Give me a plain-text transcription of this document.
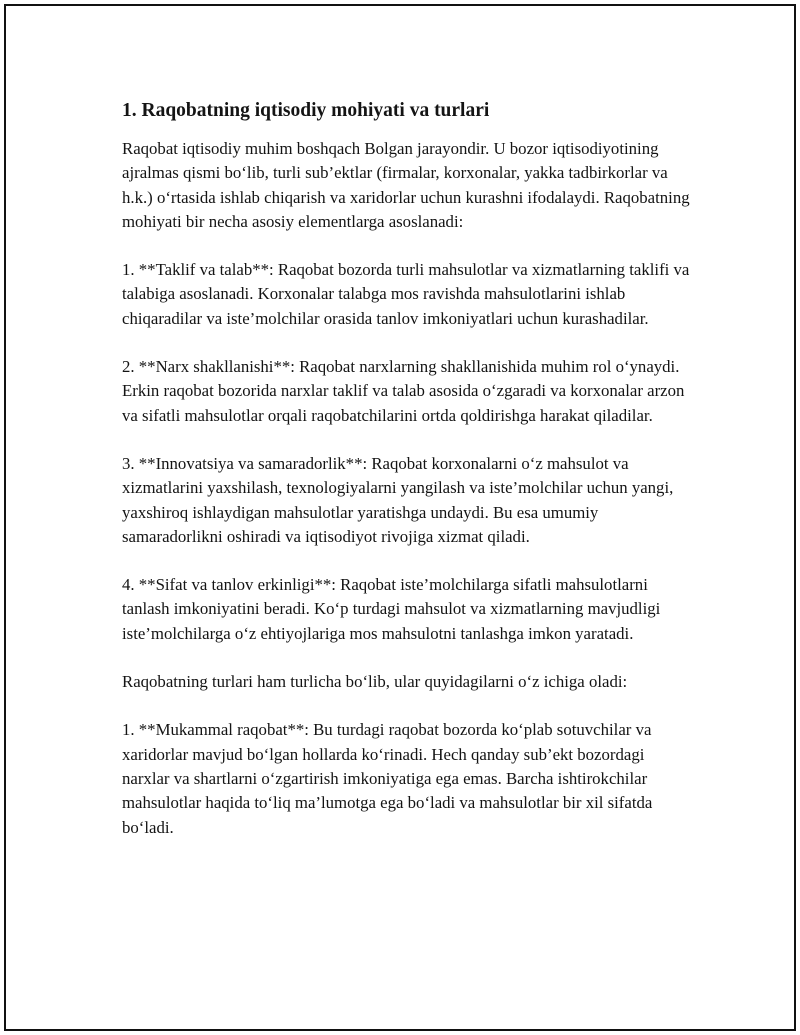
1. Raqobatning iqtisodiy mohiyati va turlari

Raqobat iqtisodiy muhim boshqach Bolgan jarayondir. U bozor iqtisodiyotining ajralmas qismi bo‘lib, turli sub’ektlar (firmalar, korxonalar, yakka tadbirkorlar va h.k.) o‘rtasida ishlab chiqarish va xaridorlar uchun kurashni ifodalaydi. Raqobatning mohiyati bir necha asosiy elementlarga asoslanadi:

1. **Taklif va talab**: Raqobat bozorda turli mahsulotlar va xizmatlarning taklifi va talabiga asoslanadi. Korxonalar talabga mos ravishda mahsulotlarini ishlab chiqaradilar va iste’molchilar orasida tanlov imkoniyatlari uchun kurashadilar.

2. **Narx shakllanishi**: Raqobat narxlarning shakllanishida muhim rol o‘ynaydi. Erkin raqobat bozorida narxlar taklif va talab asosida o‘zgaradi va korxonalar arzon va sifatli mahsulotlar orqali raqobatchilarini ortda qoldirishga harakat qiladilar.

3. **Innovatsiya va samaradorlik**: Raqobat korxonalarni o‘z mahsulot va xizmatlarini yaxshilash, texnologiyalarni yangilash va iste’molchilar uchun yangi, yaxshiroq ishlaydigan mahsulotlar yaratishga undaydi. Bu esa umumiy samaradorlikni oshiradi va iqtisodiyot rivojiga xizmat qiladi.

4. **Sifat va tanlov erkinligi**: Raqobat iste’molchilarga sifatli mahsulotlarni tanlash imkoniyatini beradi. Ko‘p turdagi mahsulot va xizmatlarning mavjudligi iste’molchilarga o‘z ehtiyojlariga mos mahsulotni tanlashga imkon yaratadi.

Raqobatning turlari ham turlicha bo‘lib, ular quyidagilarni o‘z ichiga oladi:

1. **Mukammal raqobat**: Bu turdagi raqobat bozorda ko‘plab sotuvchilar va xaridorlar mavjud bo‘lgan hollarda ko‘rinadi. Hech qanday sub’ekt bozordagi narxlar va shartlarni o‘zgartirish imkoniyatiga ega emas. Barcha ishtirokchilar mahsulotlar haqida to‘liq ma’lumotga ega bo‘ladi va mahsulotlar bir xil sifatda bo‘ladi.
